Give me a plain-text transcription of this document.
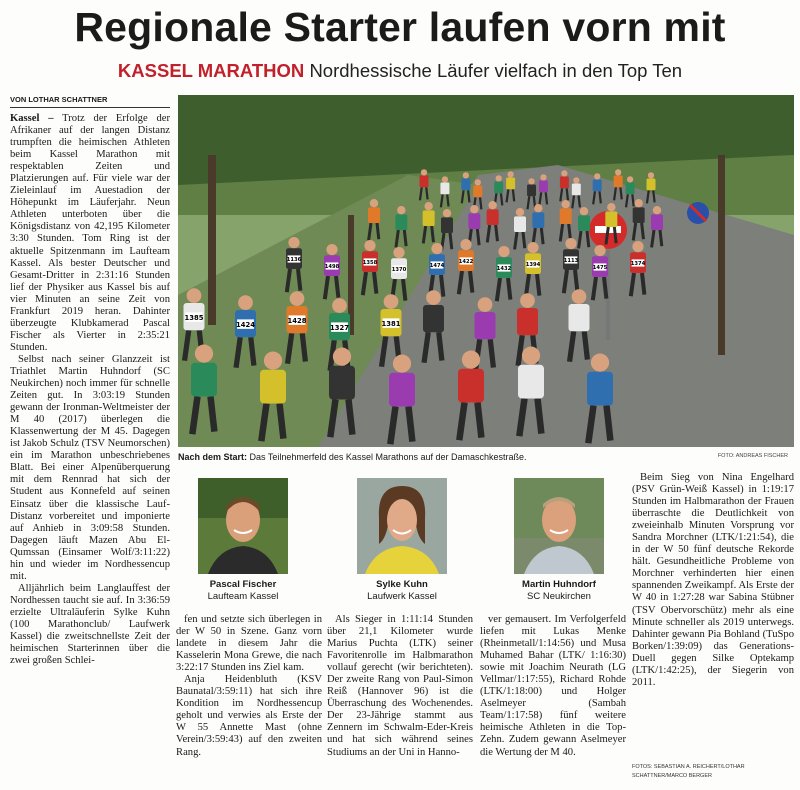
Regionale Starter laufen vorn mit
KASSEL MARATHON Nordhessische Läufer vielfach in den Top Ten
VON LOTHAR SCHATTNER

Kassel – Trotz der Erfolge der Afrikaner auf der langen Distanz trumpften die heimischen Athleten beim Kassel Marathon mit respektablen Zeiten und Platzierungen auf. Für viele war der Zieleinlauf im Auestadion der Höhepunkt im Läuferjahr. Neun Athleten unterboten über die Königsdistanz von 42,195 Kilometer 3:30 Stunden. Tom Ring ist der aktuelle Spitzenmann im Laufteam Kassel. Als bester Deutscher und Gesamt-Dritter in 2:31:16 Stunden lief der Physiker aus Kassel bis auf vier Minuten an seine Zeit von Frankfurt 2019 heran. Dahinter überzeugte Klubkamerad Pascal Fischer als Vierter in 2:35:21 Stunden.

Selbst nach seiner Glanzzeit ist Triathlet Martin Huhndorf (SC Neukirchen) noch immer für schnelle Zeiten gut. In 3:03:19 Stunden gewann der Ironman-Weltmeister der M 40 (2017) überlegen die Klassenwertung der M 45. Dagegen ist Jakob Schulz (TSV Neumorschen) ein im Marathon unbeschriebenes Blatt. Bei einer Alpenüberquerung mit dem Rennrad hat sich der Student aus Konnefeld auf seinen Einsatz über die klassische Lauf-Distanz vorbereitet und imponierte auf Anhieb in 3:09:58 Stunden. Dagegen läuft Mazen Abu El-Qumssan (Einsamer Wolf/3:11:22) hin und wieder im Nordhessencup mit.

Alljährlich beim Langlauffest der Nordhessen taucht sie auf. In 3:36:59 erzielte Ultraläuferin Sylke Kuhn (100 Marathonclub/ Laufwerk Kassel) die zweitschnellste Zeit der heimischen Starterinnen über die zwei großen Schlei-

1136
1498
1358
1370
1474
1422
1432
1394
1113
1475
1374
1385
1424	1428
1327	1381
Nach dem Start: Das Teilnehmerfeld des Kassel Marathons auf der Damaschkestraße.	FOTO: ANDREAS FISCHER
Pascal Fischer
Laufteam Kassel
Sylke Kuhn
Laufwerk Kassel
Martin Huhndorf
SC Neukirchen

fen und setzte sich überlegen in der W 50 in Szene. Ganz vorn landete in diesem Jahr die Kasselerin Mona Grewe, die nach 3:22:17 Stunden ins Ziel kam.

Anja Heidenbluth (KSV Baunatal/3:59:11) hat sich ihre Kondition im Nordhessencup geholt und verwies als Erste der W 55 Annette Mast (ohne Verein/3:59:43) auf den zweiten Rang.

Als Sieger in 1:11:14 Stunden über 21,1 Kilometer wurde Marius Puchta (LTK) seiner Favoritenrolle im Halbmarathon vollauf gerecht (wir berichteten). Der zweite Rang von Paul-Simon Reiß (Hannover 96) ist die Überraschung des Wochenendes. Der 23-Jährige stammt aus Zennern im Schwalm-Eder-Kreis und hat sich während seines Studiums an der Uni in Hanno-

ver gemausert. Im Verfolgerfeld liefen mit Lukas Menke (Rheinmetall/1:14:56) und Musa Muhamed Bahar (LTK/ 1:16:30) sowie mit Joachim Neurath (LG Vellmar/1:17:55), Richard Rohde (LTK/1:18:00) und Holger Aselmeyer (Sambah Team/1:17:58) fünf weitere heimische Athleten in die Top-Zehn. Zudem gewann Aselmeyer die Wertung der M 40.

Beim Sieg von Nina Engelhard (PSV Grün-Weiß Kassel) in 1:19:17 Stunden im Halbmarathon der Frauen überraschte die Deutlichkeit von zweieinhalb Minuten Vorsprung vor Sandra Morchner (LTK/1:21:54), die in der W 50 fünf deutsche Rekorde hält. Gesundheitliche Probleme von Morchner verhinderten hier einen spannenden Zweikampf. Als Erste der W 40 in 1:27:28 war Sabina Stübner (TSV Obervorschütz) mehr als eine Minute schneller als 2019 unterwegs. Dahinter gewann Pia Bohland (TuSpo Borken/1:39:09) das Generations-Duell gegen Silke Optekamp (LTK/1:42:25), der Siegerin von 2011.

FOTOS: SEBASTIAN A. REICHERT/LOTHAR SCHATTNER/MARCO BERGER
